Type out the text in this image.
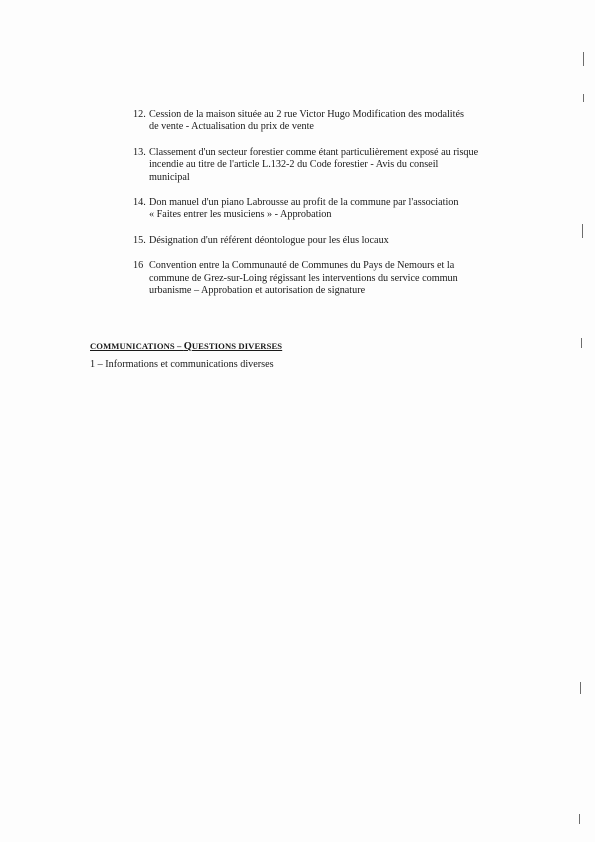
12. Cession de la maison située au 2 rue Victor Hugo Modification des modalités
de vente - Actualisation du prix de vente
13. Classement d'un secteur forestier comme étant particulièrement exposé au risque
incendie au titre de l'article L.132-2 du Code forestier - Avis du conseil
municipal
14. Don manuel d'un piano Labrousse au profit de la commune par l'association
« Faites entrer les musiciens » - Approbation
15. Désignation d'un référent déontologue pour les élus locaux
16 Convention entre la Communauté de Communes du Pays de Nemours et la
commune de Grez-sur-Loing régissant les interventions du service commun
urbanisme – Approbation et autorisation de signature
COMMUNICATIONS – QUESTIONS DIVERSES
1 – Informations et communications diverses
